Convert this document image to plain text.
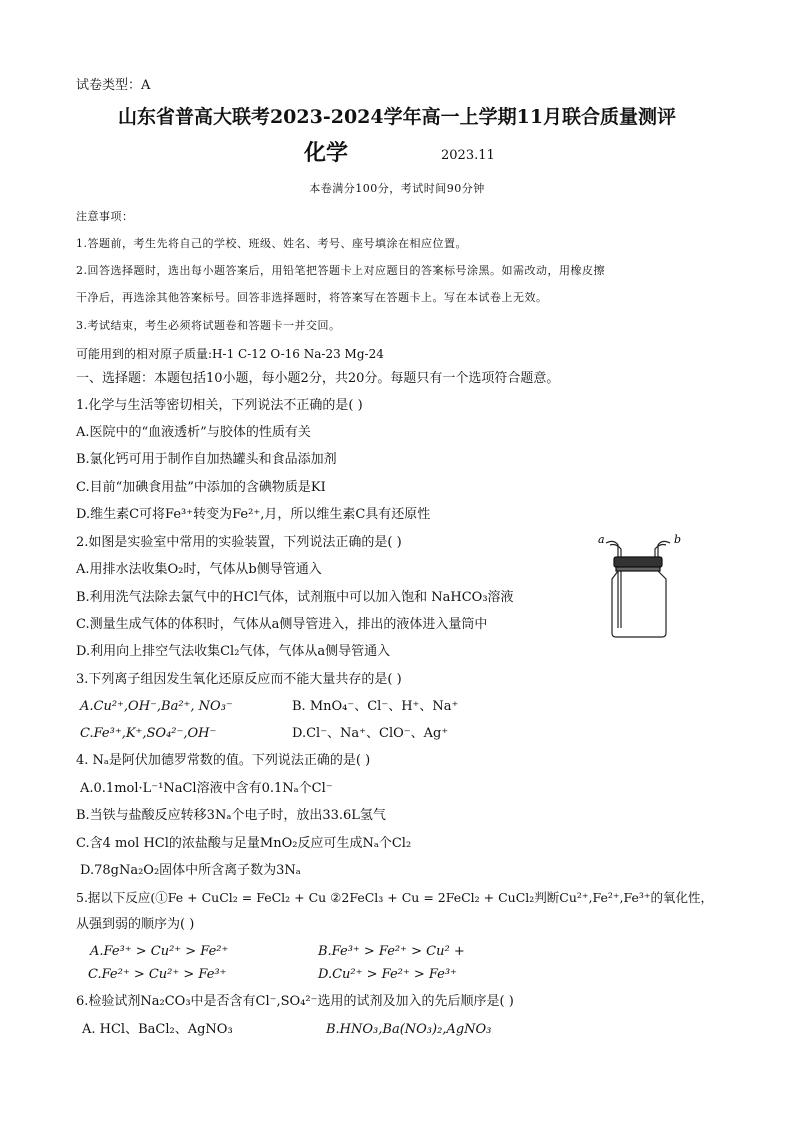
试卷类型：A
山东省普高大联考2023-2024学年高一上学期11月联合质量测评
化学	2023.11
本卷满分100分，考试时间90分钟
注意事项：
1.答题前，考生先将自己的学校、班级、姓名、考号、座号填涂在相应位置。
2.回答选择题时，选出每小题答案后，用铅笔把答题卡上对应题目的答案标号涂黑。如需改动，用橡皮擦
干净后，再选涂其他答案标号。回答非选择题时，将答案写在答题卡上。写在本试卷上无效。
3.考试结束，考生必须将试题卷和答题卡一并交回。
可能用到的相对原子质量:H-1 C-12 O-16 Na-23 Mg-24
一、选择题：本题包括10小题，每小题2分，共20分。每题只有一个选项符合题意。
1.化学与生活等密切相关，下列说法不正确的是( )
A.医院中的“血液透析”与胶体的性质有关
B.氯化钙可用于制作自加热罐头和食品添加剂
C.目前“加碘食用盐”中添加的含碘物质是KI
D.维生素C可将Fe³⁺转变为Fe²⁺,月，所以维生素C具有还原性
2.如图是实验室中常用的实验装置，下列说法正确的是( )
A.用排水法收集O₂时，气体从b侧导管通入
B.利用洗气法除去氯气中的HCl气体，试剂瓶中可以加入饱和 NaHCO₃溶液
C.测量生成气体的体积时，气体从a侧导管进入，排出的液体进入量筒中
D.利用向上排空气法收集Cl₂气体，气体从a侧导管通入
a	b
3.下列离子组因发生氧化还原反应而不能大量共存的是( )
A.Cu²⁺,OH⁻,Ba²⁺, NO₃⁻	B. MnO₄⁻、Cl⁻、H⁺、Na⁺
C.Fe³⁺,K⁺,SO₄²⁻,OH⁻	D.Cl⁻、Na⁺、ClO⁻、Ag⁺
4. Nₐ是阿伏加德罗常数的值。下列说法正确的是( )
A.0.1mol·L⁻¹NaCl溶液中含有0.1Nₐ个Cl⁻
B.当铁与盐酸反应转移3Nₐ个电子时，放出33.6L氢气
C.含4 mol HCl的浓盐酸与足量MnO₂反应可生成Nₐ个Cl₂
D.78gNa₂O₂固体中所含离子数为3Nₐ
5.据以下反应(①Fe + CuCl₂ = FeCl₂ + Cu ②2FeCl₃ + Cu = 2FeCl₂ + CuCl₂判断Cu²⁺,Fe²⁺,Fe³⁺的氧化性，
从强到弱的顺序为( )
A.Fe³⁺ > Cu²⁺ > Fe²⁺	B.Fe³⁺ > Fe²⁺ > Cu² +
C.Fe²⁺ > Cu²⁺ > Fe³⁺	D.Cu²⁺ > Fe²⁺ > Fe³⁺
6.检验试剂Na₂CO₃中是否含有Cl⁻,SO₄²⁻选用的试剂及加入的先后顺序是( )
A. HCl、BaCl₂、AgNO₃	B.HNO₃,Ba(NO₃)₂,AgNO₃
